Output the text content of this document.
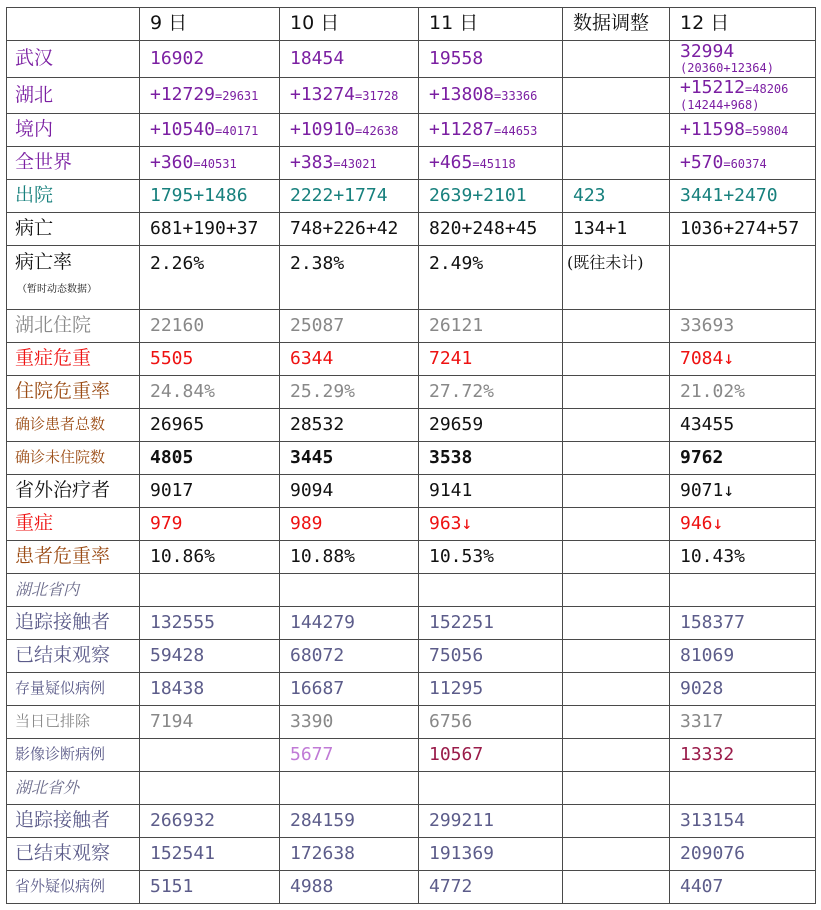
	9 日	10 日	11 日	数据调整	12 日
武汉	16902	18454	19558		32994
(20360+12364)

湖北	+12729=29631	+13274=31728	+13808=33366		+15212=48206
(14244+968)

境内	+10540=40171	+10910=42638	+11287=44653		+11598=59804
全世界	+360=40531	+383=43021	+465=45118		+570=60374
出院	1795+1486	2222+1774	2639+2101	423	3441+2470
病亡	681+190+37	748+226+42	820+248+45	134+1	1036+274+57
病亡率
（暂时动态数据）	2.26%	2.38%	2.49%	(既往未计)	
湖北住院	22160	25087	26121		33693
重症危重	5505	6344	7241		7084↓
住院危重率	24.84%	25.29%	27.72%		21.02%
确诊患者总数	26965	28532	29659		43455
确诊未住院数	4805	3445	3538		9762
省外治疗者	9017	9094	9141		9071↓
重症	979	989	963↓		946↓
患者危重率	10.86%	10.88%	10.53%		10.43%
湖北省内					
追踪接触者	132555	144279	152251		158377
已结束观察	59428	68072	75056		81069
存量疑似病例	18438	16687	11295		9028
当日已排除	7194	3390	6756		3317
影像诊断病例		5677	10567		13332
湖北省外					
追踪接触者	266932	284159	299211		313154
已结束观察	152541	172638	191369		209076
省外疑似病例	5151	4988	4772		4407
